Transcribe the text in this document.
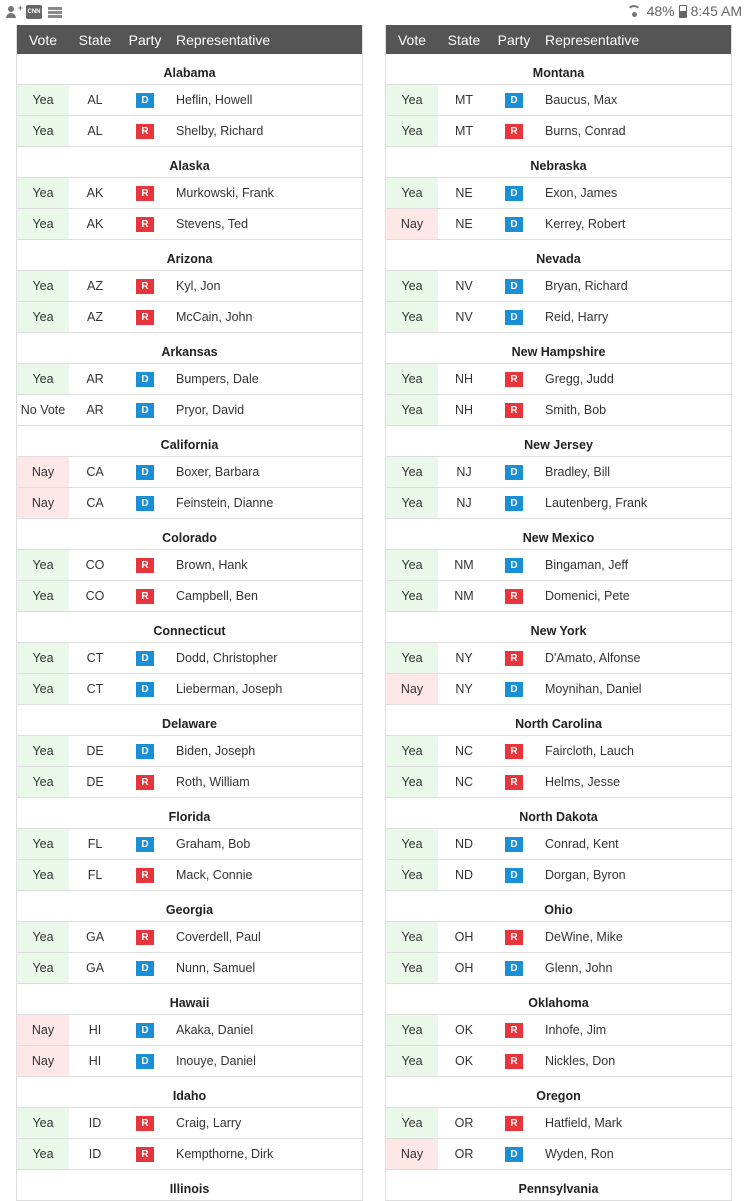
+ CNN	48% 8:45 AM
Vote	State	Party	Representative
Alabama
Yea	AL	D	Heflin, Howell
Yea	AL	R	Shelby, Richard
Alaska
Yea	AK	R	Murkowski, Frank
Yea	AK	R	Stevens, Ted
Arizona
Yea	AZ	R	Kyl, Jon
Yea	AZ	R	McCain, John
Arkansas
Yea	AR	D	Bumpers, Dale
No Vote	AR	D	Pryor, David
California
Nay	CA	D	Boxer, Barbara
Nay	CA	D	Feinstein, Dianne
Colorado
Yea	CO	R	Brown, Hank
Yea	CO	R	Campbell, Ben
Connecticut
Yea	CT	D	Dodd, Christopher
Yea	CT	D	Lieberman, Joseph
Delaware
Yea	DE	D	Biden, Joseph
Yea	DE	R	Roth, William
Florida
Yea	FL	D	Graham, Bob
Yea	FL	R	Mack, Connie
Georgia
Yea	GA	R	Coverdell, Paul
Yea	GA	D	Nunn, Samuel
Hawaii
Nay	HI	D	Akaka, Daniel
Nay	HI	D	Inouye, Daniel
Idaho
Yea	ID	R	Craig, Larry
Yea	ID	R	Kempthorne, Dirk
Illinois
Vote	State	Party	Representative
Montana
Yea	MT	D	Baucus, Max
Yea	MT	R	Burns, Conrad
Nebraska
Yea	NE	D	Exon, James
Nay	NE	D	Kerrey, Robert
Nevada
Yea	NV	D	Bryan, Richard
Yea	NV	D	Reid, Harry
New Hampshire
Yea	NH	R	Gregg, Judd
Yea	NH	R	Smith, Bob
New Jersey
Yea	NJ	D	Bradley, Bill
Yea	NJ	D	Lautenberg, Frank
New Mexico
Yea	NM	D	Bingaman, Jeff
Yea	NM	R	Domenici, Pete
New York
Yea	NY	R	D'Amato, Alfonse
Nay	NY	D	Moynihan, Daniel
North Carolina
Yea	NC	R	Faircloth, Lauch
Yea	NC	R	Helms, Jesse
North Dakota
Yea	ND	D	Conrad, Kent
Yea	ND	D	Dorgan, Byron
Ohio
Yea	OH	R	DeWine, Mike
Yea	OH	D	Glenn, John
Oklahoma
Yea	OK	R	Inhofe, Jim
Yea	OK	R	Nickles, Don
Oregon
Yea	OR	R	Hatfield, Mark
Nay	OR	D	Wyden, Ron
Pennsylvania
